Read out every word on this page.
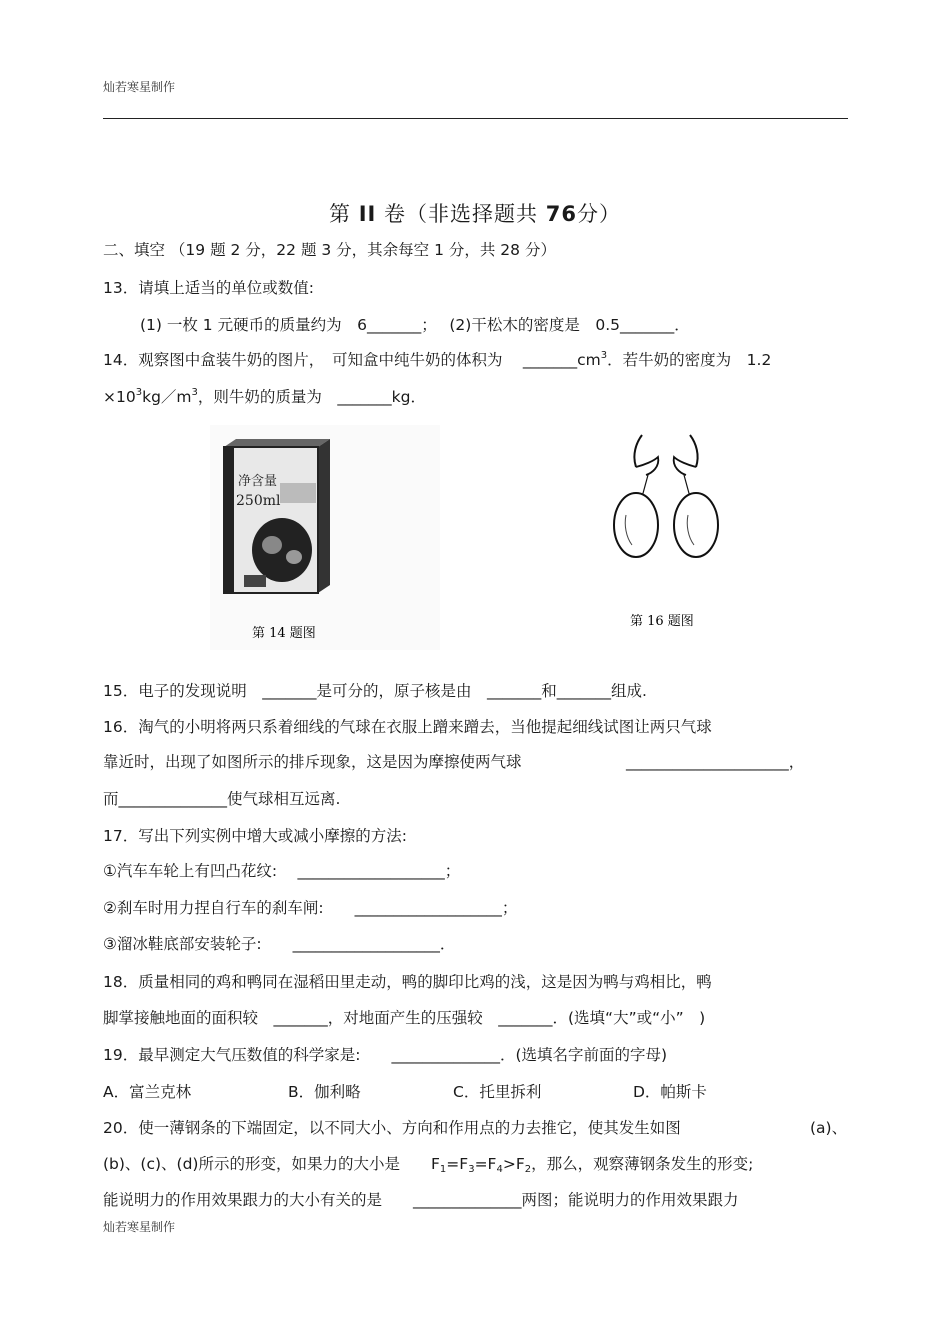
灿若寒星制作
第 II 卷（非选择题共 76分）
二、填空 （19 题 2 分，22 题 3 分，其余每空 1 分，共 28 分）
13．请填上适当的单位或数值:
(1) 一枚 1 元硬币的质量约为　6_______；　 (2)干松木的密度是　0.5_______．
14．观察图中盒装牛奶的图片，　可知盒中纯牛奶的体积为　 $\_\_\_\_\_\_\_cm^3$．若牛奶的密度为　1.2
$\times 10^3kg/m^3$，则牛奶的质量为　_______kg．
净含量
250ml
第 14 题图
第 16 题图
15．电子的发现说明　_______是可分的，原子核是由　_______和_______组成.
16．淘气的小明将两只系着细线的气球在衣服上蹭来蹭去，当他提起细线试图让两只气球
靠近时，出现了如图所示的排斥现象，这是因为摩擦使两气球	_____________________，
而______________使气球相互远离.
17．写出下列实例中增大或减小摩擦的方法:
①汽车车轮上有凹凸花纹:　 ___________________；
②刹车时用力捏自行车的刹车闸:　　___________________；
③溜冰鞋底部安装轮子:　　___________________．
18．质量相同的鸡和鸭同在湿稻田里走动，鸭的脚印比鸡的浅，这是因为鸭与鸡相比，鸭
脚掌接触地面的面积较　_______，对地面产生的压强较　_______．(选填“大”或“小”　)
19．最早测定大气压数值的科学家是:　　______________．(选填名字前面的字母)
A．富兰克林	B．伽利略	C．托里拆利	D．帕斯卡
20．使一薄钢条的下端固定，以不同大小、方向和作用点的力去推它，使其发生如图	(a)、
(b)、(c)、(d)所示的形变，如果力的大小是　　$F_1=F_3=F_4>F_2$，那么，观察薄钢条发生的形变;
能说明力的作用效果跟力的大小有关的是　　______________两图；能说明力的作用效果跟力
灿若寒星制作
